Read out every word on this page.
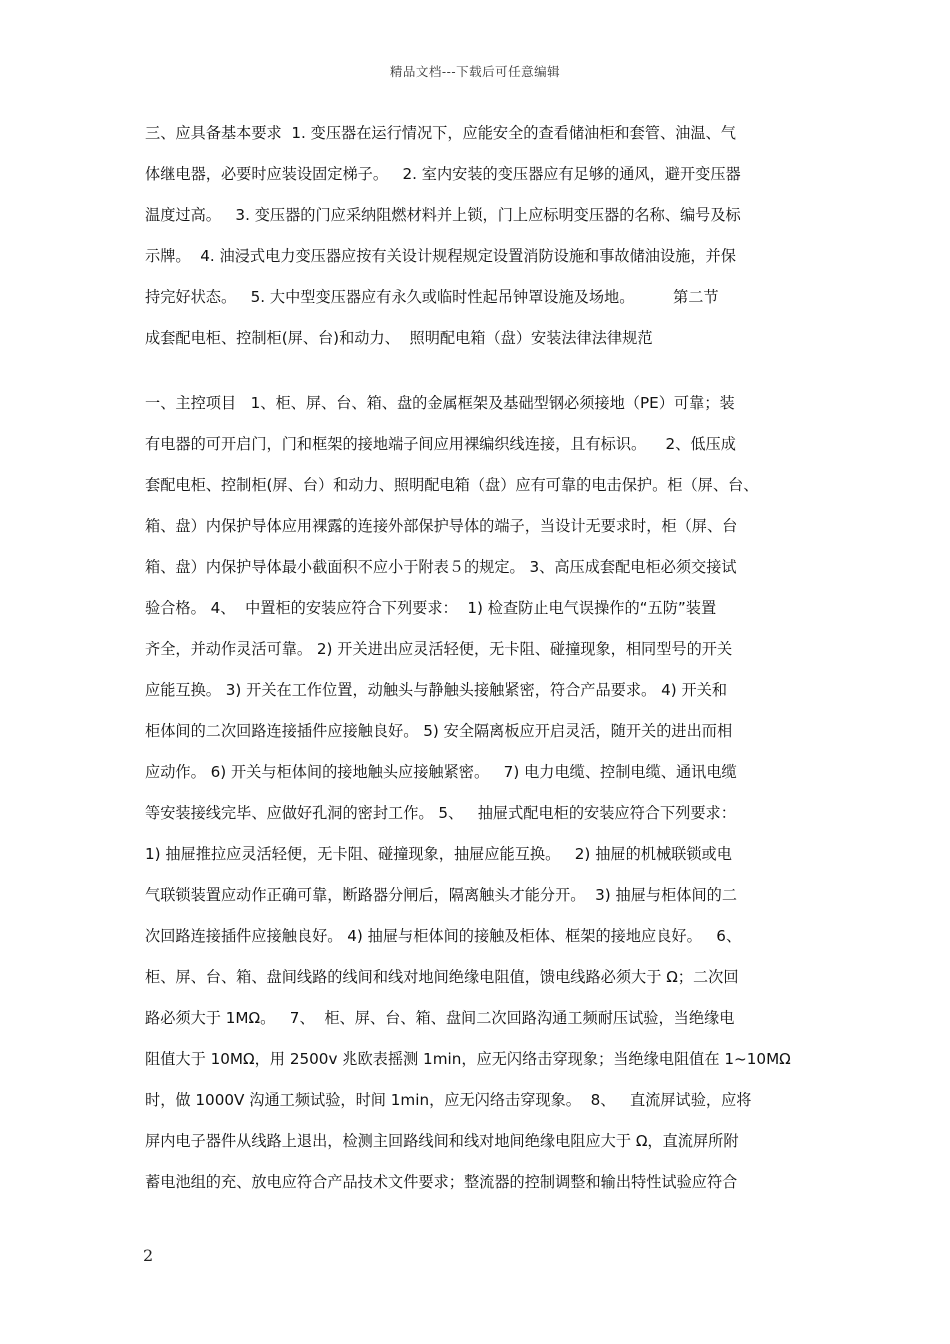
精品文档---下载后可任意编辑
三、应具备基本要求  1. 变压器在运行情况下，应能安全的查看储油柜和套管、油温、气
体继电器，必要时应装设固定梯子。   2. 室内安装的变压器应有足够的通风，避开变压器
温度过高。   3. 变压器的门应采纳阻燃材料并上锁，门上应标明变压器的名称、编号及标
示牌。  4. 油浸式电力变压器应按有关设计规程规定设置消防设施和事故储油设施，并保
持完好状态。   5. 大中型变压器应有永久或临时性起吊钟罩设施及场地。        第二节
成套配电柜、控制柜(屏、台)和动力、  照明配电箱（盘）安装法律法律规范
一、主控项目   1、柜、屏、台、箱、盘的金属框架及基础型钢必须接地（PE）可靠；装
有电器的可开启门，门和框架的接地端子间应用裸编织线连接，且有标识。    2、低压成
套配电柜、控制柜(屏、台）和动力、照明配电箱（盘）应有可靠的电击保护。柜（屏、台、
箱、盘）内保护导体应用裸露的连接外部保护导体的端子，当设计无要求时，柜（屏、台
箱、盘）内保护导体最小截面积不应小于附表５的规定。 3、高压成套配电柜必须交接试
验合格。 4、  中置柜的安装应符合下列要求：  1) 检查防止电气误操作的“五防”装置
齐全，并动作灵活可靠。 2) 开关进出应灵活轻便，无卡阻、碰撞现象，相同型号的开关
应能互换。 3) 开关在工作位置，动触头与静触头接触紧密，符合产品要求。 4) 开关和
柜体间的二次回路连接插件应接触良好。 5) 安全隔离板应开启灵活，随开关的进出而相
应动作。 6) 开关与柜体间的接地触头应接触紧密。   7) 电力电缆、控制电缆、通讯电缆
等安装接线完毕、应做好孔洞的密封工作。 5、   抽屉式配电柜的安装应符合下列要求：
1) 抽屉推拉应灵活轻便，无卡阻、碰撞现象，抽屉应能互换。   2) 抽屉的机械联锁或电
气联锁装置应动作正确可靠，断路器分闸后，隔离触头才能分开。  3) 抽屉与柜体间的二
次回路连接插件应接触良好。 4) 抽屉与柜体间的接触及柜体、框架的接地应良好。   6、
柜、屏、台、箱、盘间线路的线间和线对地间绝缘电阻值，馈电线路必须大于 Ω；二次回
路必须大于 1MΩ。   7、  柜、屏、台、箱、盘间二次回路沟通工频耐压试验，当绝缘电
阻值大于 10MΩ，用 2500v 兆欧表摇测 1min，应无闪络击穿现象；当绝缘电阻值在 1~10MΩ
时，做 1000V 沟通工频试验，时间 1min，应无闪络击穿现象。  8、   直流屏试验，应将
屏内电子器件从线路上退出，检测主回路线间和线对地间绝缘电阻应大于 Ω，直流屏所附
蓄电池组的充、放电应符合产品技术文件要求；整流器的控制调整和输出特性试验应符合
2
